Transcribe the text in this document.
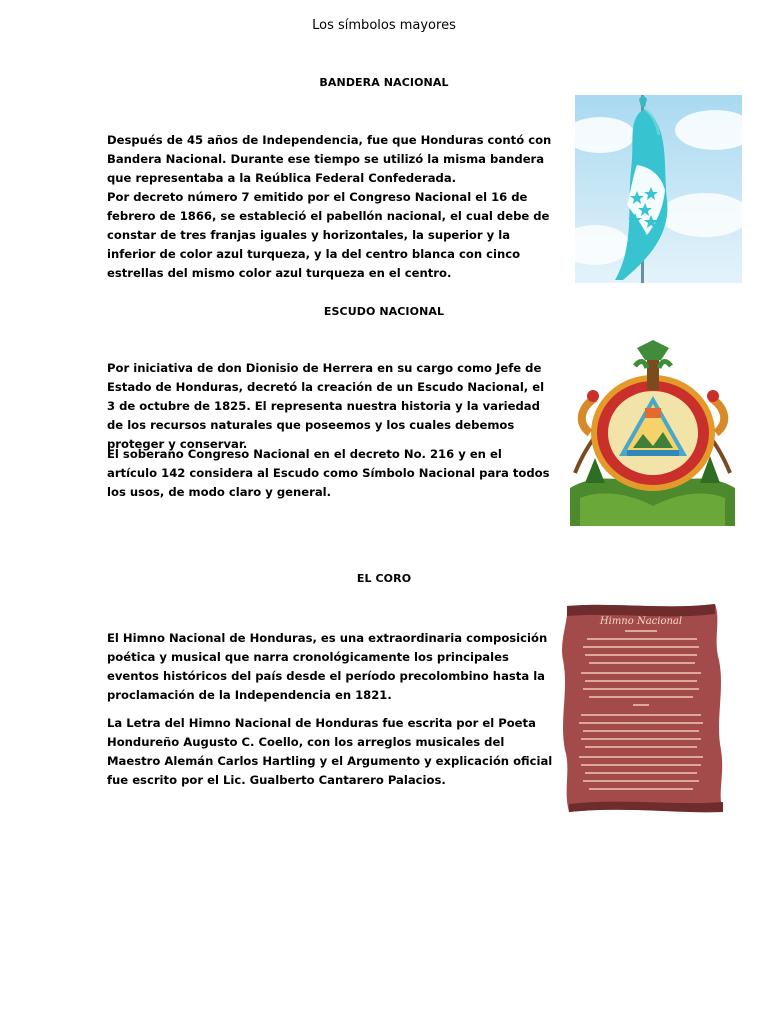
Los símbolos mayores
BANDERA NACIONAL

Después de 45 años de Independencia, fue que Honduras contó con Bandera Nacional. Durante ese tiempo se utilizó la misma bandera que representaba a la Reública Federal Confederada.

Por decreto número 7 emitido por el Congreso Nacional el 16 de febrero de 1866, se estableció el pabellón nacional, el cual debe de constar de tres franjas iguales y horizontales, la superior y la inferior de color azul turqueza, y la del centro blanca con cinco estrellas del mismo color azul turqueza en el centro.

ESCUDO NACIONAL

Por iniciativa de don Dionisio de Herrera en su cargo como Jefe de Estado de Honduras, decretó la creación de un Escudo Nacional, el 3 de octubre de 1825. El representa nuestra historia y la variedad de los recursos naturales que poseemos y los cuales debemos proteger y conservar.

El soberano Congreso Nacional en el decreto No. 216 y en el artículo 142 considera al Escudo como Símbolo Nacional para todos los usos, de modo claro y general.

EL CORO

El Himno Nacional de Honduras, es una extraordinaria composición poética y musical que narra cronológicamente los principales eventos históricos del país desde el período precolombino hasta la proclamación de la Independencia en 1821.

La Letra del Himno Nacional de Honduras fue escrita por el Poeta Hondureño Augusto C. Coello, con los arreglos musicales del Maestro Alemán Carlos Hartling y el Argumento y explicación oficial fue escrito por el Lic. Gualberto Cantarero Palacios.

Himno Nacional
